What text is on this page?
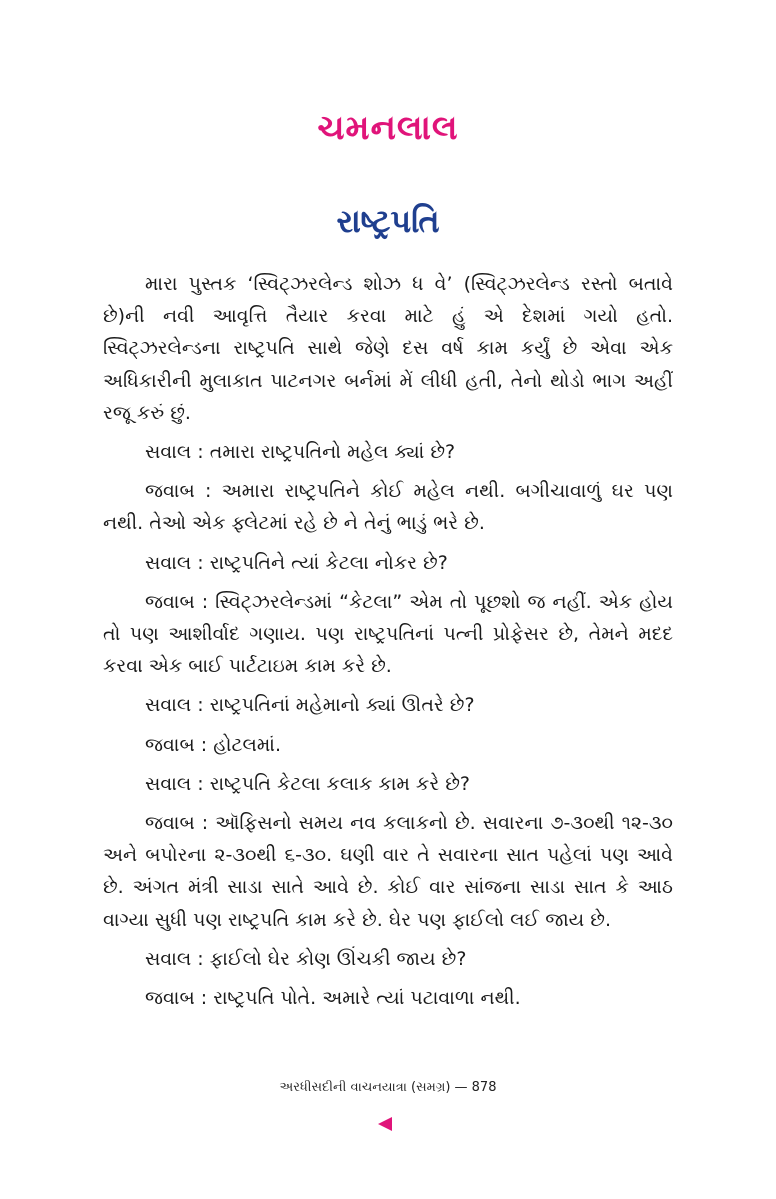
ચમનલાલ
રાષ્ટ્રપતિ

મારા પુસ્તક ‘સ્વિટ્ઝરલેન્ડ શોઝ ધ વે’ (સ્વિટ્ઝરલેન્ડ રસ્તો બતાવે છે)ની નવી આવૃત્તિ તૈયાર કરવા માટે હું એ દેશમાં ગયો હતો. સ્વિટ્ઝરલેન્ડના રાષ્ટ્રપતિ સાથે જેણે દસ વર્ષ કામ કર્યું છે એવા એક અધિકારીની મુલાકાત પાટનગર બર્નમાં મેં લીધી હતી, તેનો થોડો ભાગ અહીં રજૂ કરું છું.

સવાલ : તમારા રાષ્ટ્રપતિનો મહેલ ક્યાં છે?

જવાબ : અમારા રાષ્ટ્રપતિને કોઈ મહેલ નથી. બગીચાવાળું ઘર પણ નથી. તેઓ એક ફ્લેટમાં રહે છે ને તેનું ભાડું ભરે છે.

સવાલ : રાષ્ટ્રપતિને ત્યાં કેટલા નોકર છે?

જવાબ : સ્વિટ્ઝરલેન્ડમાં “કેટલા” એમ તો પૂછશો જ નહીં. એક હોય તો પણ આશીર્વાદ ગણાય. પણ રાષ્ટ્રપતિનાં પત્ની પ્રોફેસર છે, તેમને મદદ કરવા એક બાઈ પાર્ટટાઇમ કામ કરે છે.

સવાલ : રાષ્ટ્રપતિનાં મહેમાનો ક્યાં ઊતરે છે?

જવાબ : હોટલમાં.

સવાલ : રાષ્ટ્રપતિ કેટલા કલાક કામ કરે છે?

જવાબ : ઑફિસનો સમય નવ કલાકનો છે. સવારના ૭-૩૦થી ૧૨-૩૦ અને બપોરના ૨-૩૦થી ૬-૩૦. ઘણી વાર તે સવારના સાત પહેલાં પણ આવે છે. અંગત મંત્રી સાડા સાતે આવે છે. કોઈ વાર સાંજના સાડા સાત કે આઠ વાગ્યા સુધી પણ રાષ્ટ્રપતિ કામ કરે છે. ઘેર પણ ફાઈલો લઈ જાય છે.

સવાલ : ફાઈલો ઘેર કોણ ઊંચકી જાય છે?

જવાબ : રાષ્ટ્રપતિ પોતે. અમારે ત્યાં પટાવાળા નથી.

અરધીસદીની વાચનયાત્રા (સમગ્ર) — 878
